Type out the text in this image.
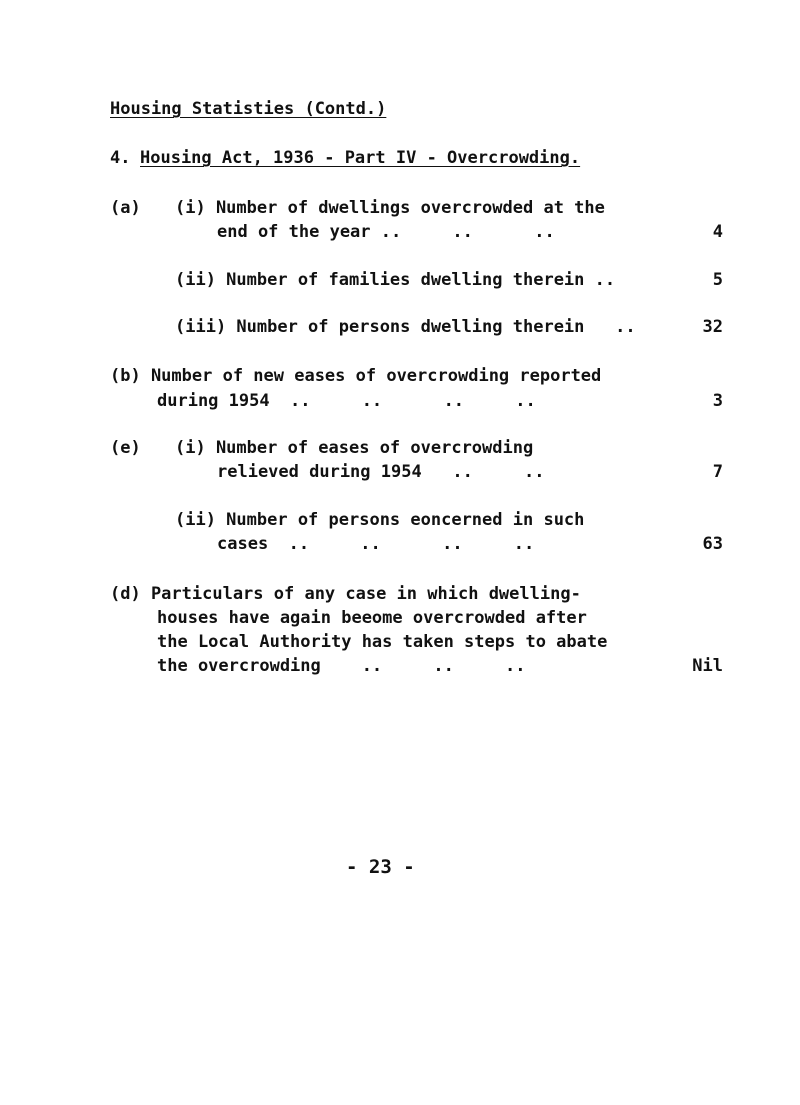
Housing Statisties (Contd.)
4. Housing Act, 1936 - Part IV - Overcrowding.
(a) (i) Number of dwellings overcrowded at the
end of the year ..     ..      ..	4
(ii) Number of families dwelling therein ..	5
(iii) Number of persons dwelling therein   ..	32
(b) Number of new eases of overcrowding reported
during 1954  ..     ..      ..     ..	3
(e) (i) Number of eases of overcrowding
relieved during 1954   ..     ..	7
(ii) Number of persons eoncerned in such
cases  ..     ..      ..     ..	63
(d) Particulars of any case in which dwelling-
houses have again beeome overcrowded after
the Local Authority has taken steps to abate
the overcrowding    ..     ..     ..	Nil
- 23 -
